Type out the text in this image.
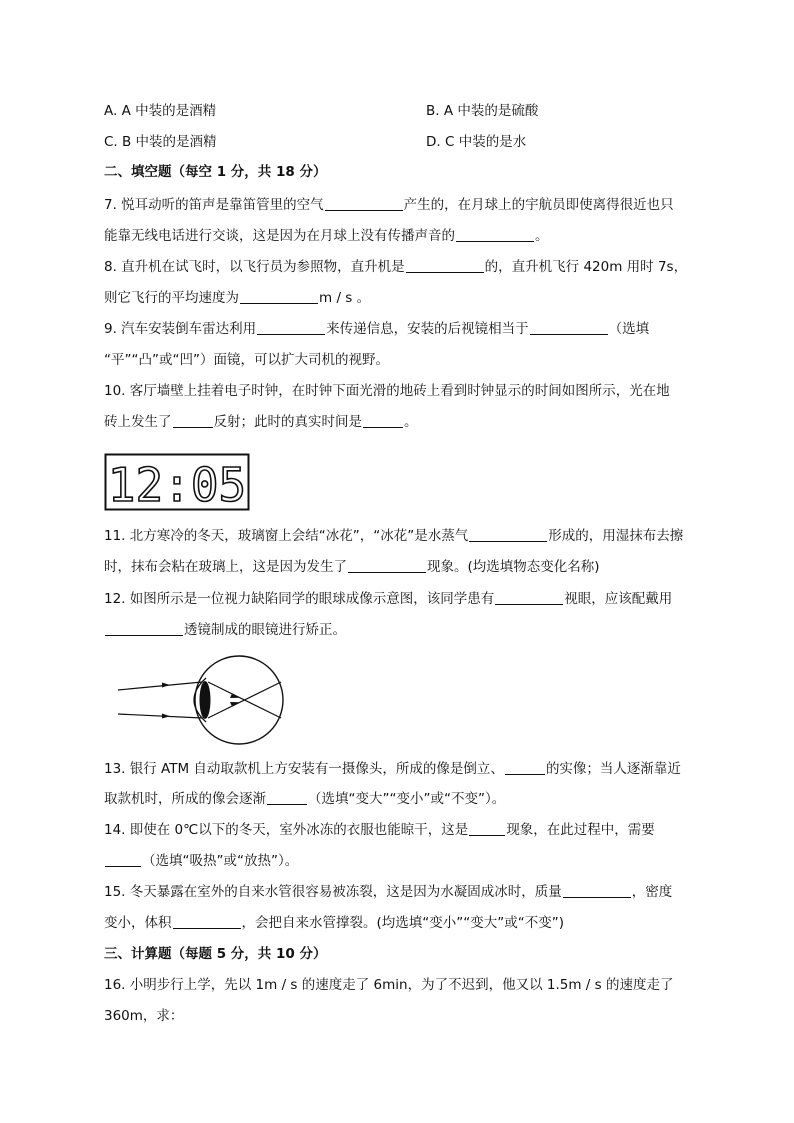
A. A 中装的是酒精	B. A 中装的是硫酸
C. B 中装的是酒精	D. C 中装的是水
二、填空题（每空 1 分，共 18 分）
7. 悦耳动听的笛声是靠笛管里的空气	产生的，在月球上的宇航员即使离得很近也只
能靠无线电话进行交谈，这是因为在月球上没有传播声音的	。
8. 直升机在试飞时，以飞行员为参照物，直升机是	的，直升机飞行 420m 用时 7s，
则它飞行的平均速度为	m / s 。
9. 汽车安装倒车雷达利用	来传递信息，安装的后视镜相当于	（选填
“平”“凸”或“凹”）面镜，可以扩大司机的视野。
10. 客厅墙壁上挂着电子时钟，在时钟下面光滑的地砖上看到时钟显示的时间如图所示，光在地
砖上发生了	反射；此时的真实时间是	。
12:05
11. 北方寒冷的冬天，玻璃窗上会结“冰花”，“冰花”是水蒸气	形成的，用湿抹布去擦
时，抹布会粘在玻璃上，这是因为发生了	现象。(均选填物态变化名称)
12. 如图所示是一位视力缺陷同学的眼球成像示意图，该同学患有	视眼，应该配戴用
透镜制成的眼镜进行矫正。
13. 银行 ATM 自动取款机上方安装有一摄像头，所成的像是倒立、	的实像；当人逐渐靠近
取款机时，所成的像会逐渐	（选填“变大”“变小”或“不变”）。
14. 即使在 0℃以下的冬天，室外冰冻的衣服也能晾干，这是	现象，在此过程中，需要
（选填“吸热”或“放热”）。
15. 冬天暴露在室外的自来水管很容易被冻裂，这是因为水凝固成冰时，质量	，密度
变小，体积	，会把自来水管撑裂。(均选填“变小”“变大”或“不变”)
三、计算题（每题 5 分，共 10 分）
16. 小明步行上学，先以 1m / s 的速度走了 6min，为了不迟到，他又以 1.5m / s 的速度走了
360m，求：
